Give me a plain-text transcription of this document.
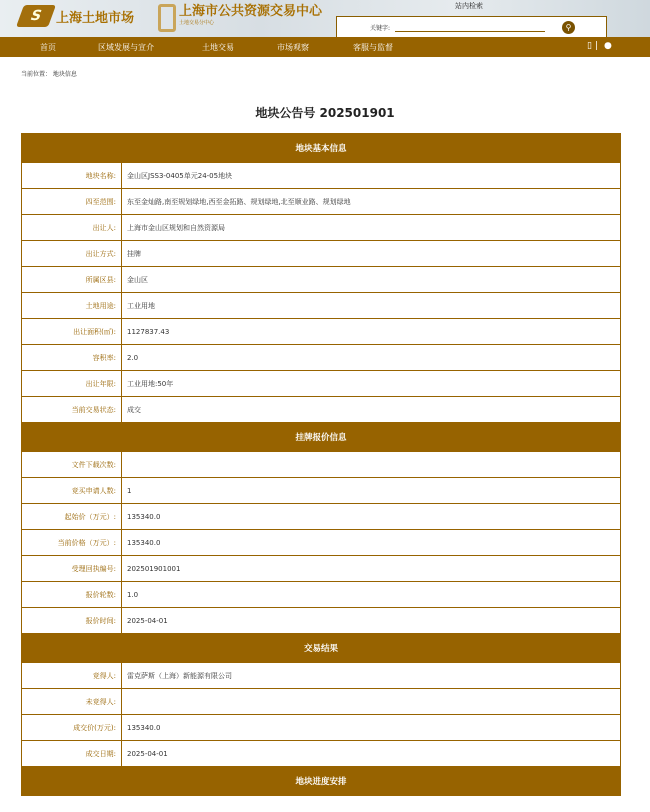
S 上海土地市场	上海市公共资源交易中心
土地交易分中心
站内检索
关键字:	⚲
首页	区域发展与宣介	土地交易	市场观察	客服与监督	▯ | ●
当前位置： 地块信息
地块公告号 202501901
地块基本信息	
地块名称:	金山区JSS3-0405单元24-05地块
四至范围:	东至金灿路,南至规划绿地,西至金拓路、规划绿地,北至顺业路、规划绿地
出让人:	上海市金山区规划和自然资源局
出让方式:	挂牌
所属区县:	金山区
土地用途:	工业用地
出让面积(㎡):	1127837.43
容积率:	2.0
出让年限:	工业用地:50年
当前交易状态:	成交
挂牌报价信息	
文件下载次数:	
竞买申请人数:	1
起始价（万元）:	135340.0
当前价格（万元）:	135340.0
受理回执编号:	202501901001
报价轮数:	1.0
报价时间:	2025-04-01
交易结果	
竞得人:	雷克萨斯（上海）新能源有限公司
未竞得人:	
成交价(万元):	135340.0
成交日期:	2025-04-01
地块进度安排	
